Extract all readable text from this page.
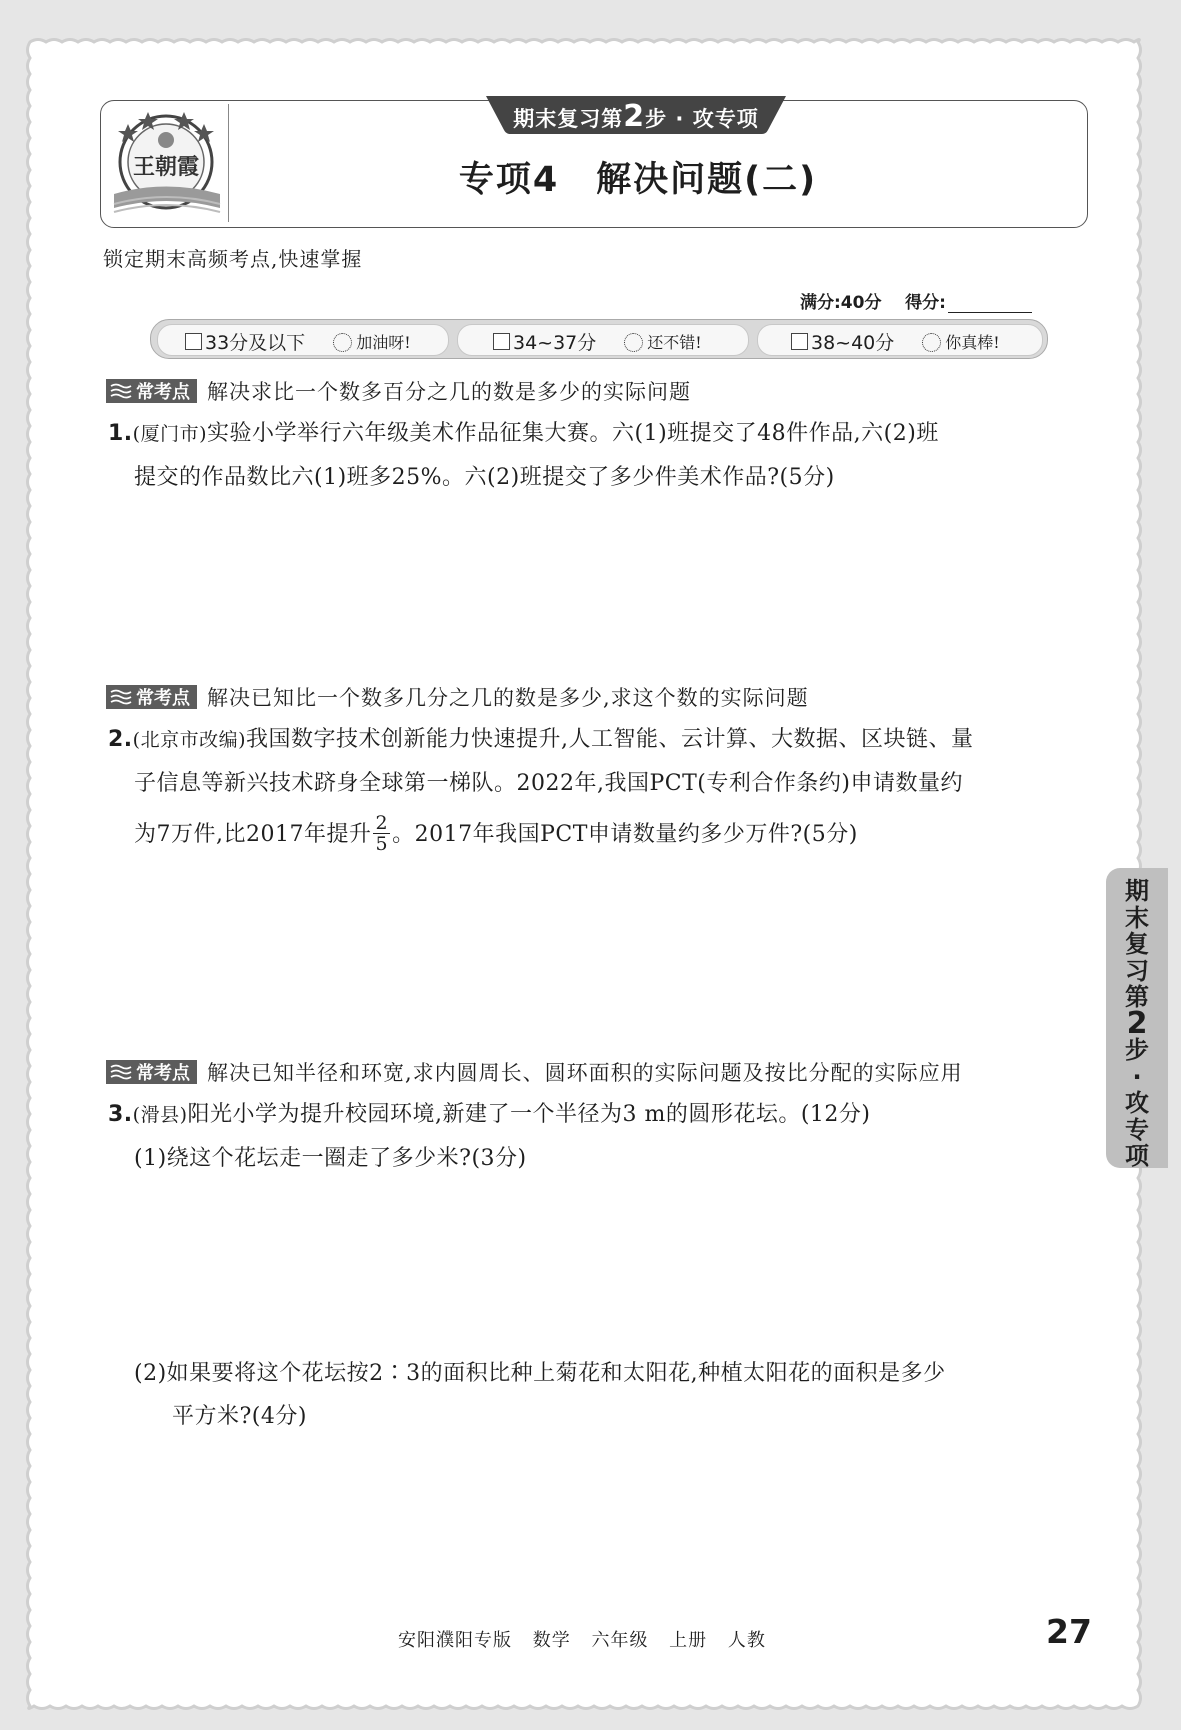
王朝霞
期末复习第2步 · 攻专项
专项4　解决问题(二)
锁定期末高频考点,快速掌握
满分:40分 得分:
33分及以下	加油呀!	34~37分	还不错!	38~40分	你真棒!
常考点 解决求比一个数多百分之几的数是多少的实际问题
1.(厦门市)实验小学举行六年级美术作品征集大赛。六(1)班提交了48件作品,六(2)班
提交的作品数比六(1)班多25%。六(2)班提交了多少件美术作品?(5分)
常考点 解决已知比一个数多几分之几的数是多少,求这个数的实际问题
2.(北京市改编)我国数字技术创新能力快速提升,人工智能、云计算、大数据、区块链、量
子信息等新兴技术跻身全球第一梯队。2022年,我国PCT(专利合作条约)申请数量约
为7万件,比2017年提升 $\frac{2}{5}$ 。2017年我国PCT申请数量约多少万件?(5分)
常考点 解决已知半径和环宽,求内圆周长、圆环面积的实际问题及按比分配的实际应用
3.(滑县)阳光小学为提升校园环境,新建了一个半径为3 m的圆形花坛。(12分)
(1)绕这个花坛走一圈走了多少米?(3分)
(2)如果要将这个花坛按2∶3的面积比种上菊花和太阳花,种植太阳花的面积是多少
平方米?(4分)
期
末
复
习
第
2
步
·
攻
专
项
安阳濮阳专版 数学 六年级 上册 人教	27
